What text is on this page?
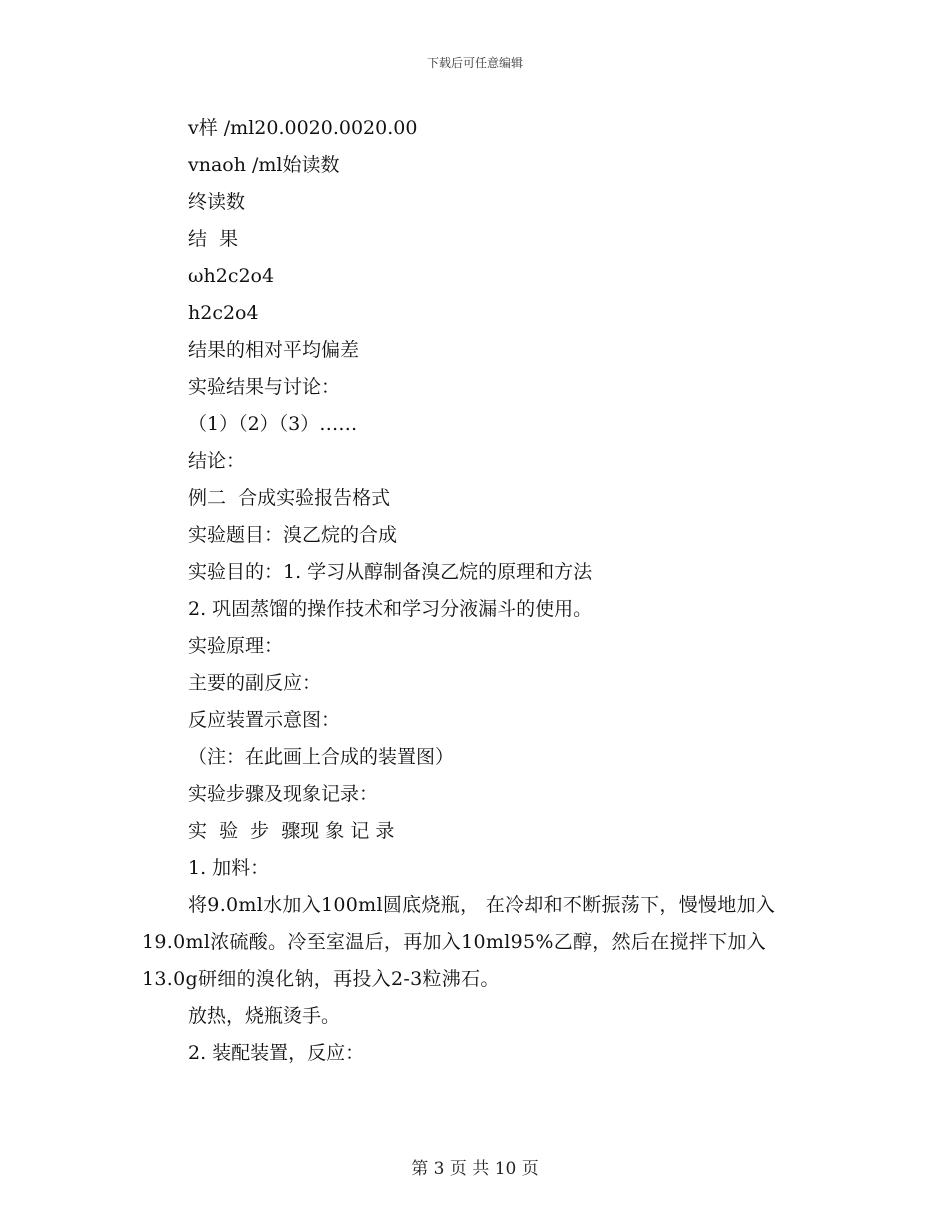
下载后可任意编辑
v样 /ml20.0020.0020.00
vnaoh /ml始读数
终读数
结  果
ωh2c2o4
h2c2o4
结果的相对平均偏差
实验结果与讨论：
（1）（2）（3）……
结论：
例二  合成实验报告格式
实验题目：溴乙烷的合成
实验目的：1. 学习从醇制备溴乙烷的原理和方法
2. 巩固蒸馏的操作技术和学习分液漏斗的使用。
实验原理：
主要的副反应：
反应装置示意图：
（注：在此画上合成的装置图）
实验步骤及现象记录：
实  验  步  骤现 象 记 录
1. 加料：
将9.0ml水加入100ml圆底烧瓶， 在冷却和不断振荡下，慢慢地加入19.0ml浓硫酸。冷至室温后，再加入10ml95%乙醇，然后在搅拌下加入13.0g研细的溴化钠，再投入2-3粒沸石。
放热，烧瓶烫手。
2. 装配装置，反应：
第 3 页 共 10 页
